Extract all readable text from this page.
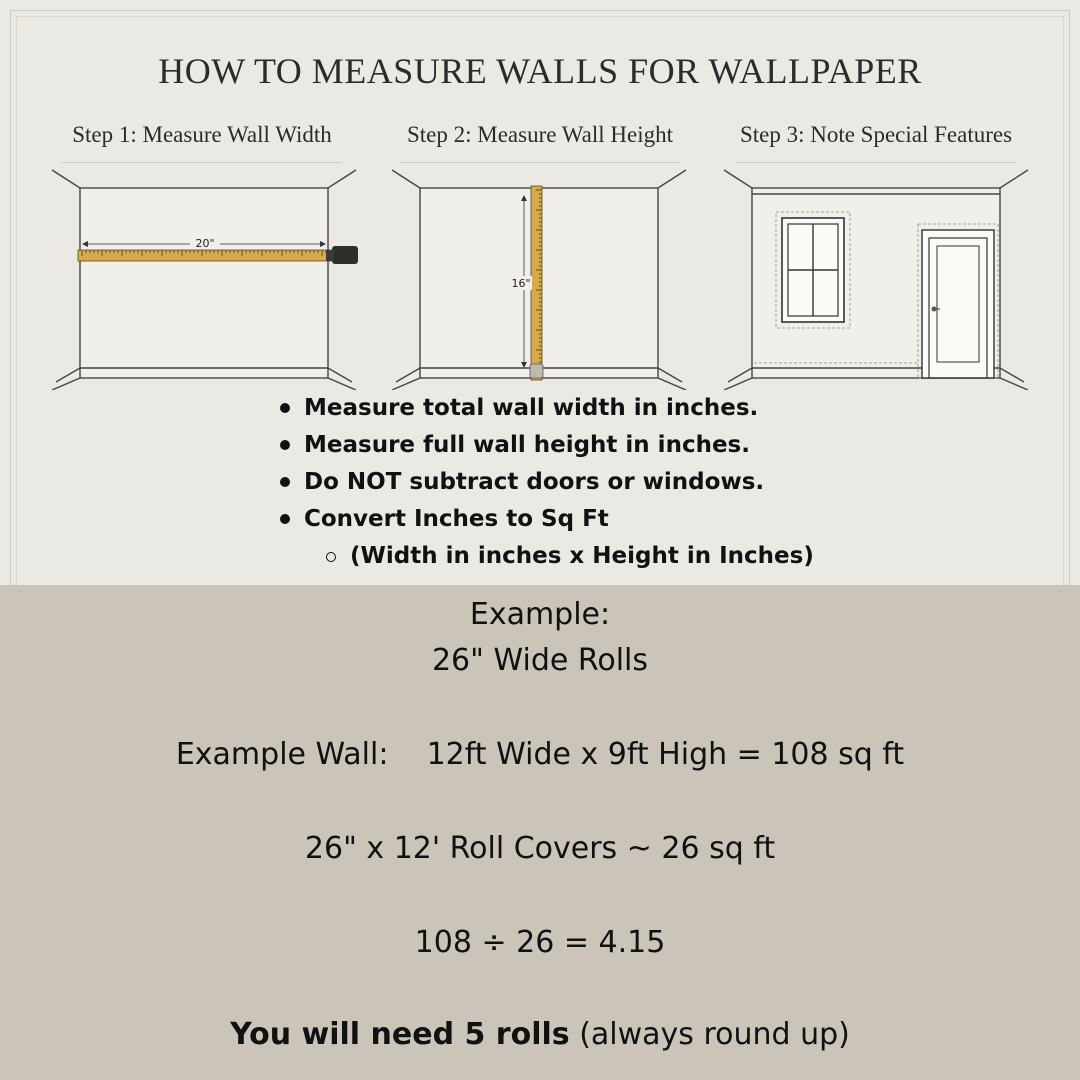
HOW TO MEASURE WALLS FOR WALLPAPER
Step 1: Measure Wall Width	Step 2: Measure Wall Height	Step 3: Note Special Features
20"
16"
Measure total wall width in inches.
Measure full wall height in inches.
Do NOT subtract doors or windows.
Convert Inches to Sq Ft
(Width in inches x Height in Inches)
Example:
26" Wide Rolls
Example Wall: 12ft Wide x 9ft High = 108 sq ft
26" x 12' Roll Covers ~ 26 sq ft
108 ÷ 26 = 4.15
You will need 5 rolls (always round up)
